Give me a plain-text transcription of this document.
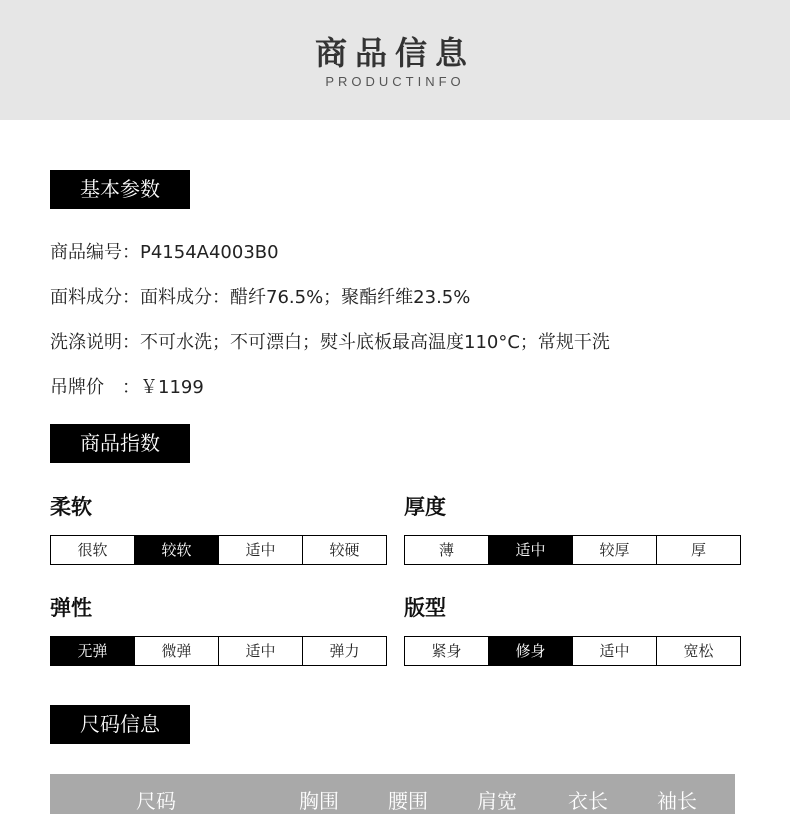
商品信息
PRODUCTINFO
基本参数
商品编号：P4154A4003B0
面料成分：面料成分：醋纤76.5%；聚酯纤维23.5%
洗涤说明：不可水洗；不可漂白；熨斗底板最高温度110°C；常规干洗
吊牌价　：￥1199
商品指数
柔软
很软	较软	适中	较硬
厚度
薄	适中	较厚	厚
弹性
无弹	微弹	适中	弹力
版型
紧身	修身	适中	宽松
尺码信息
尺码	胸围 腰围 肩宽	衣长 袖长
